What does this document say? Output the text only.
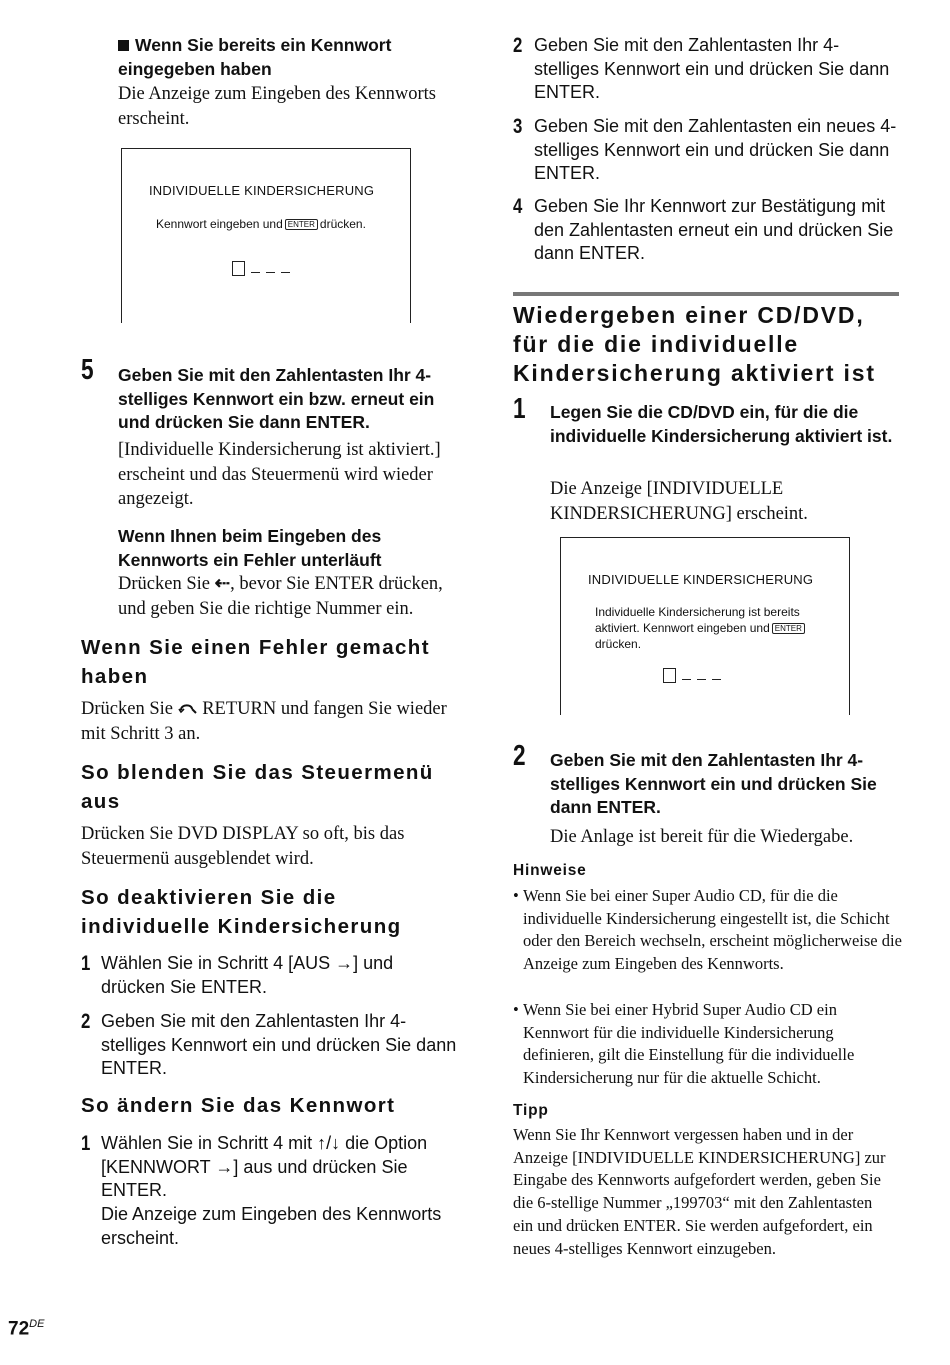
Wenn Sie bereits ein Kennwort eingegeben haben
Die Anzeige zum Eingeben des Kennworts erscheint.
INDIVIDUELLE KINDERSICHERUNG
Kennwort eingeben und ENTER drücken.
5 Geben Sie mit den Zahlentasten Ihr 4-stelliges Kennwort ein bzw. erneut ein und drücken Sie dann ENTER.
[Individuelle Kindersicherung ist aktiviert.] erscheint und das Steuermenü wird wieder angezeigt.
Wenn Ihnen beim Eingeben des Kennworts ein Fehler unterläuft
Drücken Sie ⇠, bevor Sie ENTER drücken, und geben Sie die richtige Nummer ein.
Wenn Sie einen Fehler gemacht haben
Drücken Sie RETURN und fangen Sie wieder mit Schritt 3 an.
So blenden Sie das Steuermenü aus
Drücken Sie DVD DISPLAY so oft, bis das Steuermenü ausgeblendet wird.
So deaktivieren Sie die individuelle Kindersicherung
1 Wählen Sie in Schritt 4 [AUS →] und drücken Sie ENTER.
2 Geben Sie mit den Zahlentasten Ihr 4-stelliges Kennwort ein und drücken Sie dann ENTER.
So ändern Sie das Kennwort
1 Wählen Sie in Schritt 4 mit ↑/↓ die Option [KENNWORT →] aus und drücken Sie ENTER.
Die Anzeige zum Eingeben des Kennworts erscheint.
2 Geben Sie mit den Zahlentasten Ihr 4-stelliges Kennwort ein und drücken Sie dann ENTER.
3 Geben Sie mit den Zahlentasten ein neues 4-stelliges Kennwort ein und drücken Sie dann ENTER.
4 Geben Sie Ihr Kennwort zur Bestätigung mit den Zahlentasten erneut ein und drücken Sie dann ENTER.
Wiedergeben einer CD/DVD, für die die individuelle Kindersicherung aktiviert ist
1 Legen Sie die CD/DVD ein, für die die individuelle Kindersicherung aktiviert ist.
Die Anzeige [INDIVIDUELLE KINDERSICHERUNG] erscheint.
INDIVIDUELLE KINDERSICHERUNG
Individuelle Kindersicherung ist bereits
aktiviert. Kennwort eingeben und ENTER
drücken.
2 Geben Sie mit den Zahlentasten Ihr 4-stelliges Kennwort ein und drücken Sie dann ENTER.
Die Anlage ist bereit für die Wiedergabe.
Hinweise
• Wenn Sie bei einer Super Audio CD, für die die individuelle Kindersicherung eingestellt ist, die Schicht oder den Bereich wechseln, erscheint möglicherweise die Anzeige zum Eingeben des Kennworts.
• Wenn Sie bei einer Hybrid Super Audio CD ein Kennwort für die individuelle Kindersicherung definieren, gilt die Einstellung für die individuelle Kindersicherung nur für die aktuelle Schicht.
Tipp
Wenn Sie Ihr Kennwort vergessen haben und in der Anzeige [INDIVIDUELLE KINDERSICHERUNG] zur Eingabe des Kennworts aufgefordert werden, geben Sie die 6-stellige Nummer „199703“ mit den Zahlentasten ein und drücken ENTER. Sie werden aufgefordert, ein neues 4-stelliges Kennwort einzugeben.
72DE
